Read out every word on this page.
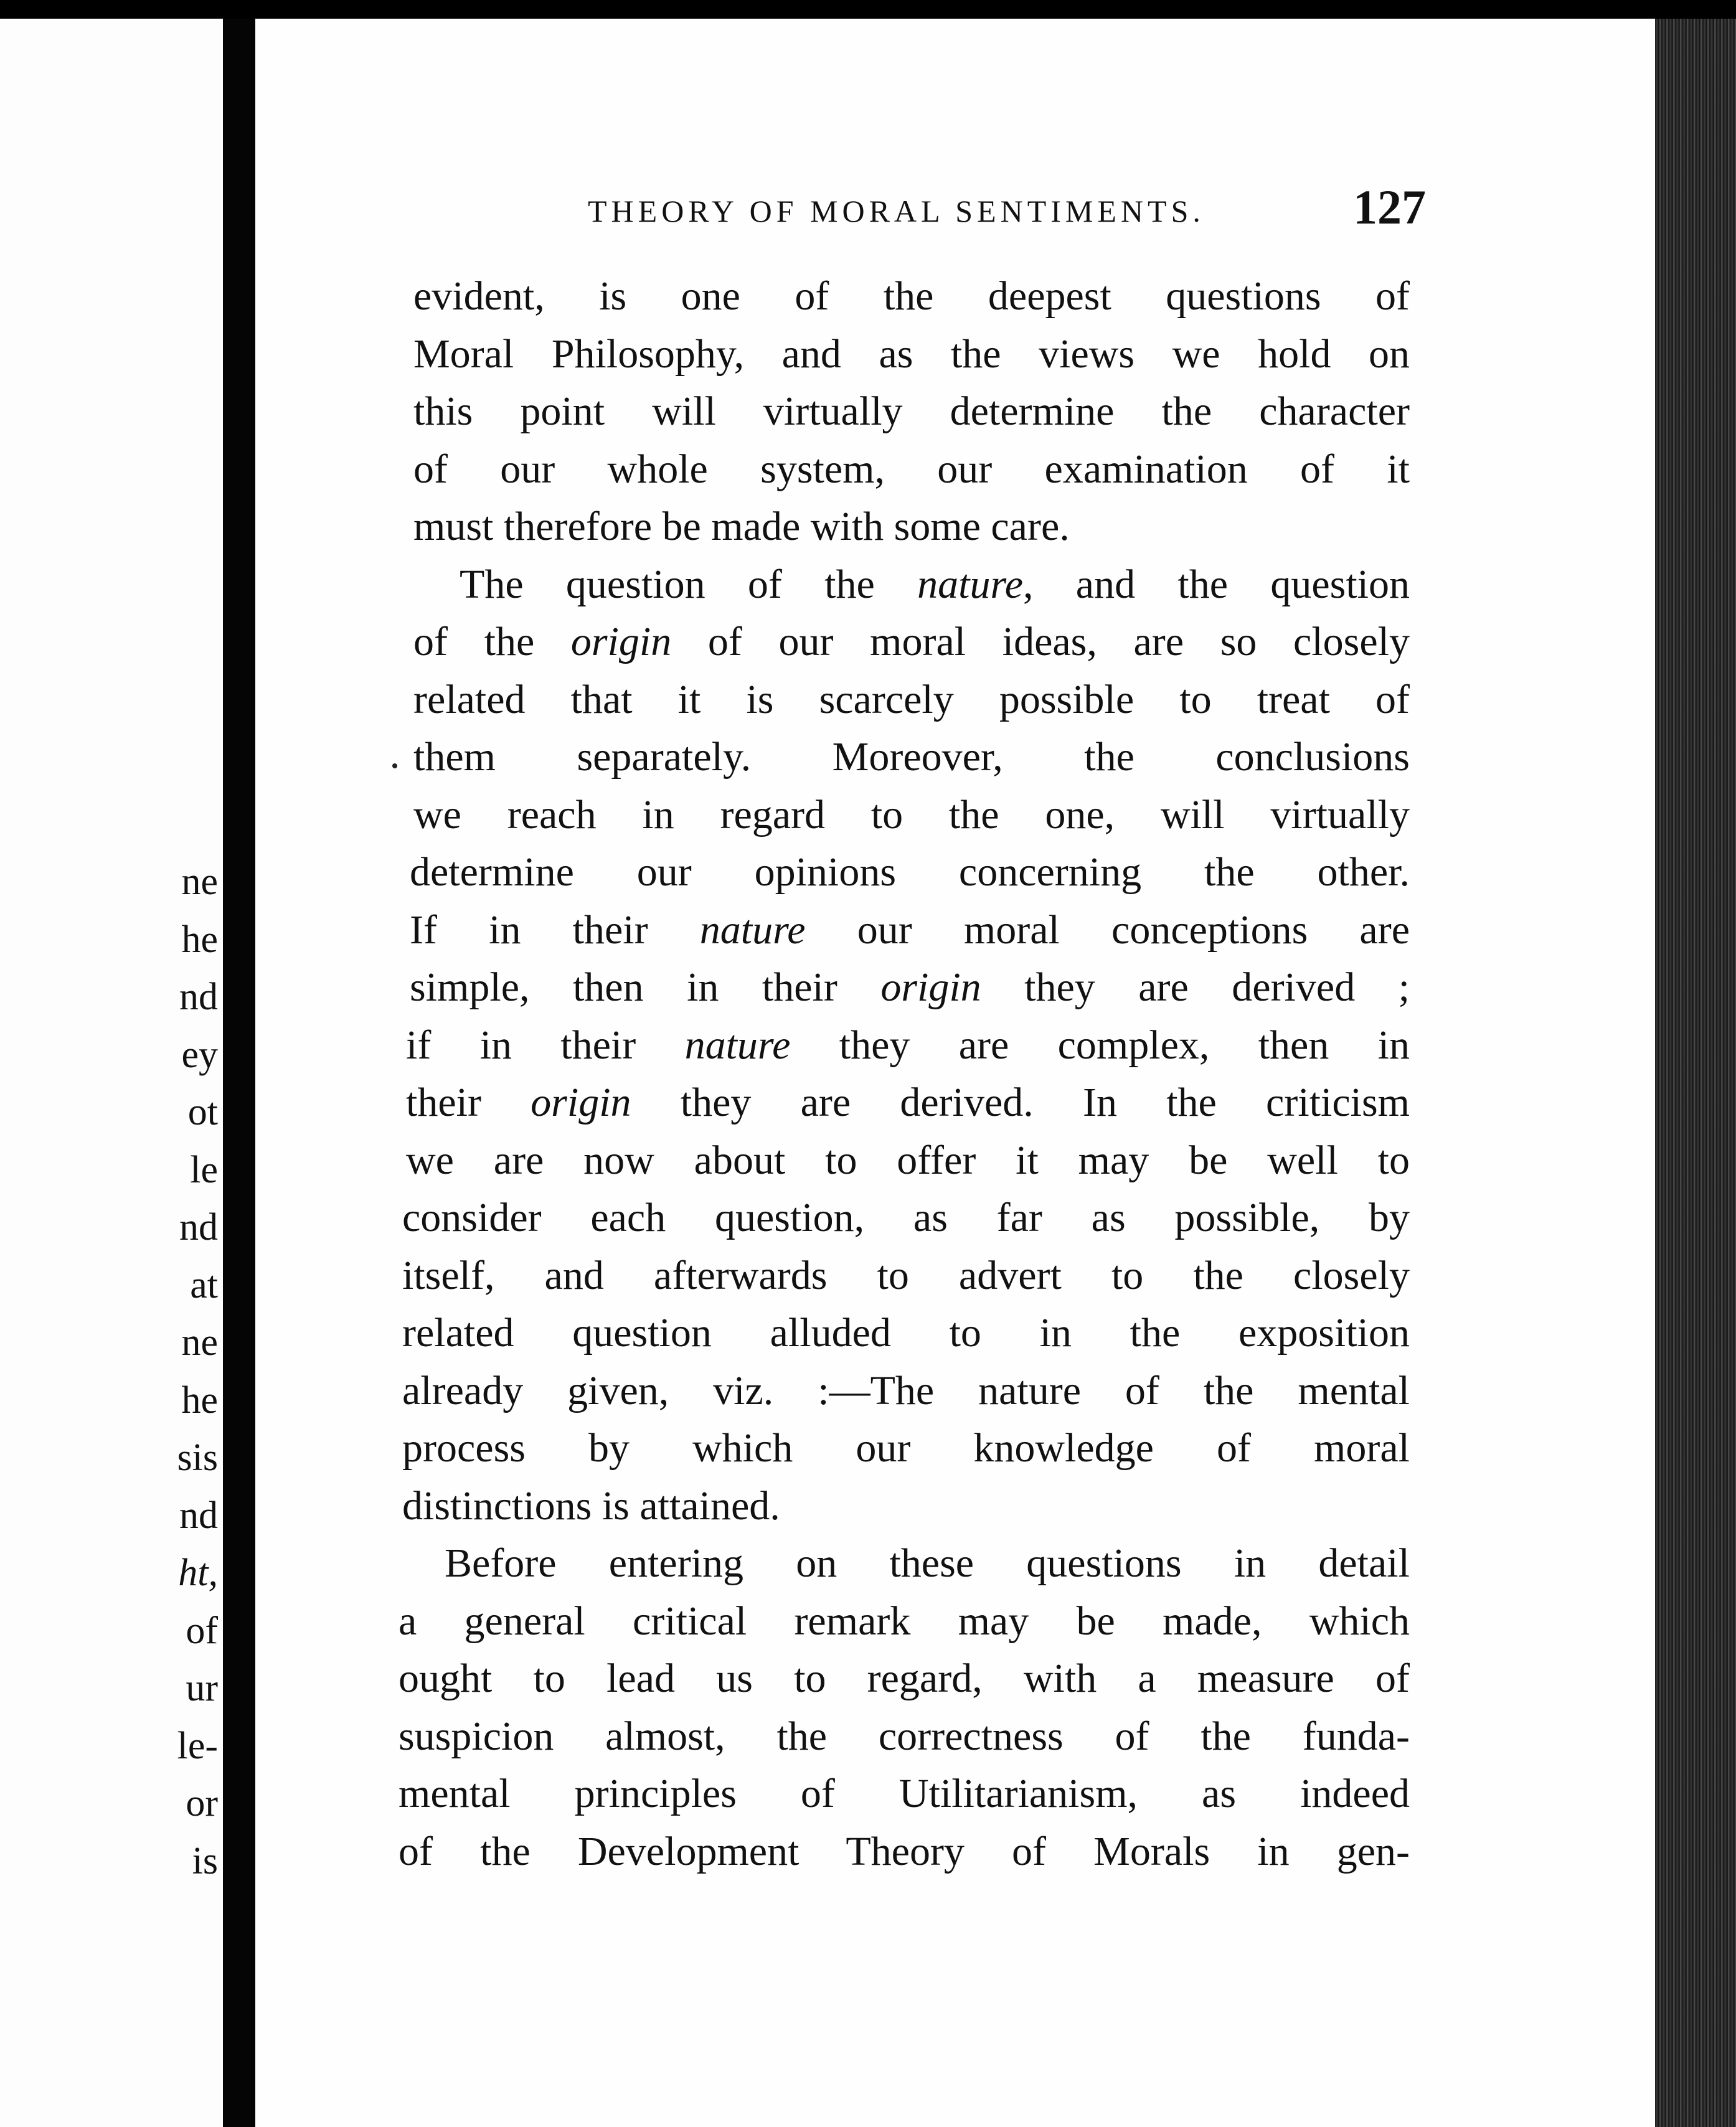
ne
he
nd
ey
ot
le
nd
at
ne
he
sis
nd
ht,
of
ur
le-
or
is
THEORY OF MORAL SENTIMENTS.	127
evident, is one of the deepest questions of
Moral Philosophy, and as the views we hold on
this point will virtually determine the character
of our whole system, our examination of it
must therefore be made with some care.
The question of the nature, and the question
of the origin of our moral ideas, are so closely
related that it is scarcely possible to treat of
them separately. Moreover, the conclusions
we reach in regard to the one, will virtually
determine our opinions concerning the other.
If in their nature our moral conceptions are
simple, then in their origin they are derived ;
if in their nature they are complex, then in
their origin they are derived. In the criticism
we are now about to offer it may be well to
consider each question, as far as possible, by
itself, and afterwards to advert to the closely
related question alluded to in the exposition
already given, viz. :—The nature of the mental
process by which our knowledge of moral
distinctions is attained.
Before entering on these questions in detail
a general critical remark may be made, which
ought to lead us to regard, with a measure of
suspicion almost, the correctness of the funda-
mental principles of Utilitarianism, as indeed
of the Development Theory of Morals in gen-
